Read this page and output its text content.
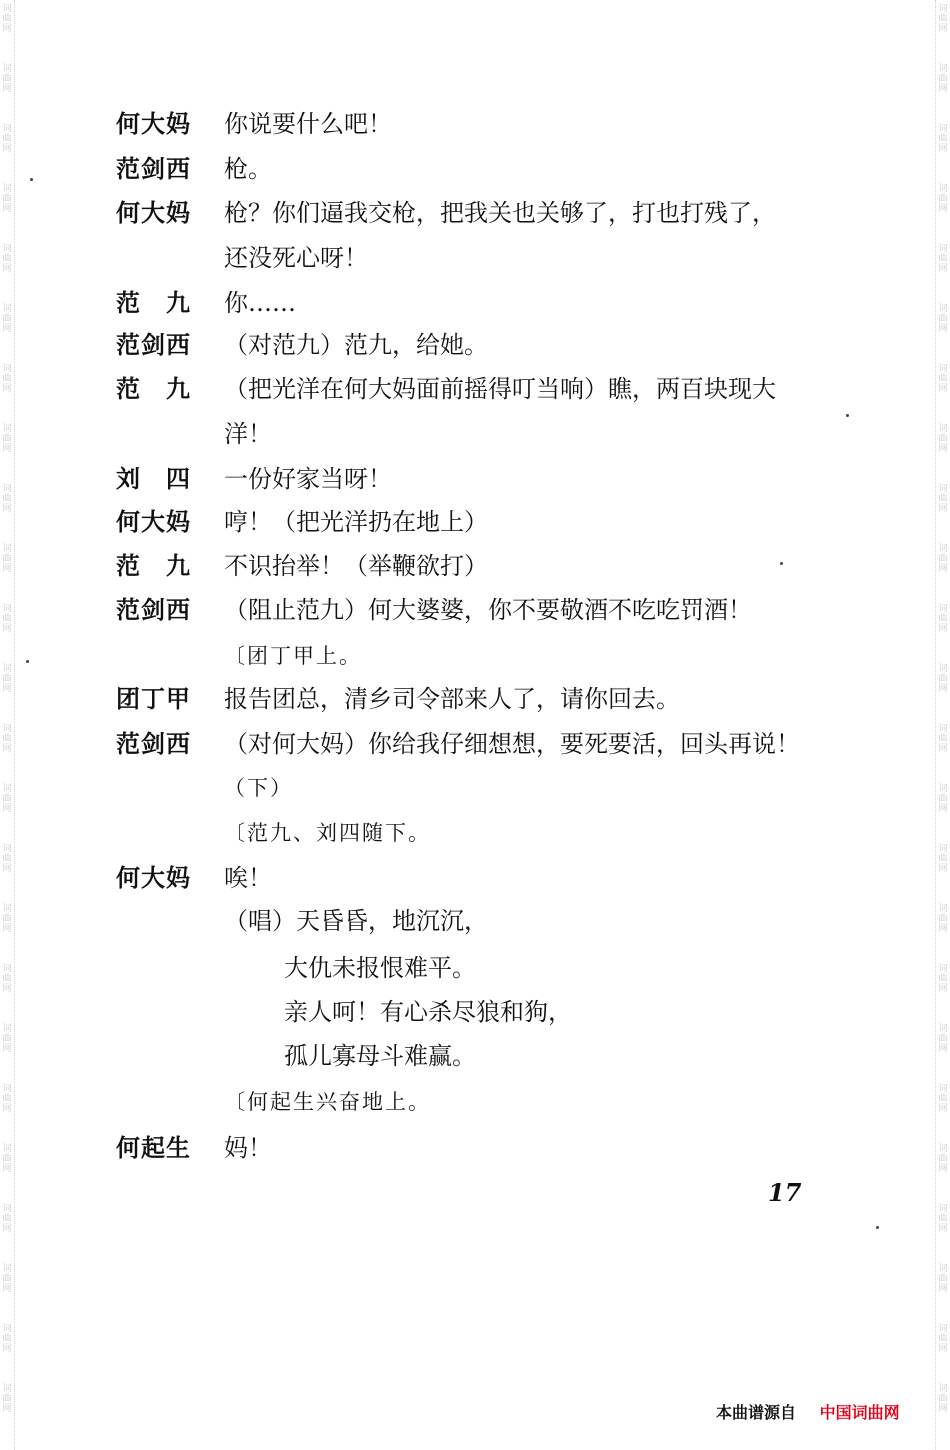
词
曲
网
词
曲
网
词
曲
网
词
曲
网
词
曲
网
词
曲
网
词
曲
网
词
曲
网
词
曲
网
词
曲
网
词
曲
网
词
曲
网
词
曲
网
词
曲
网
词
曲
网
词
曲
网
词
曲
网
词
曲
网
词
曲
网
词
曲
网
词
曲
网
词
曲
网
词
曲
网
词
曲
网
词
曲
网
词
曲
网
词
曲
网
词
曲
网
词
曲
网
词
曲
网
词
曲
网
词
曲
网
词
曲
网
词
曲
网
词
曲
网
词
曲
网
词
曲
网
词
曲
网
词
曲
网
词
曲
网
词
曲
网
词
曲
网
词
曲
网
词
曲
网
词
曲
网
词
曲
网
词
曲
网
词
曲
网
何大妈	你说要什么吧！
范剑西	枪。
何大妈	枪？你们逼我交枪，把我关也关够了，打也打残了，
还没死心呀！
范　九	你……
范剑西	（对范九）范九，给她。
范　九	（把光洋在何大妈面前摇得叮当响）瞧，两百块现大
洋！
刘　四	一份好家当呀！
何大妈	哼！（把光洋扔在地上）
范　九	不识抬举！（举鞭欲打）
范剑西	（阻止范九）何大婆婆，你不要敬酒不吃吃罚酒！
〔团丁甲上。
团丁甲	报告团总，清乡司令部来人了，请你回去。
范剑西	（对何大妈）你给我仔细想想，要死要活，回头再说！
（下）
〔范九、刘四随下。
何大妈	唉！
（唱）天昏昏，地沉沉，
大仇未报恨难平。
亲人呵！有心杀尽狼和狗，
孤儿寡母斗难赢。
〔何起生兴奋地上。
何起生	妈！
17
本曲谱源自 中国词曲网
